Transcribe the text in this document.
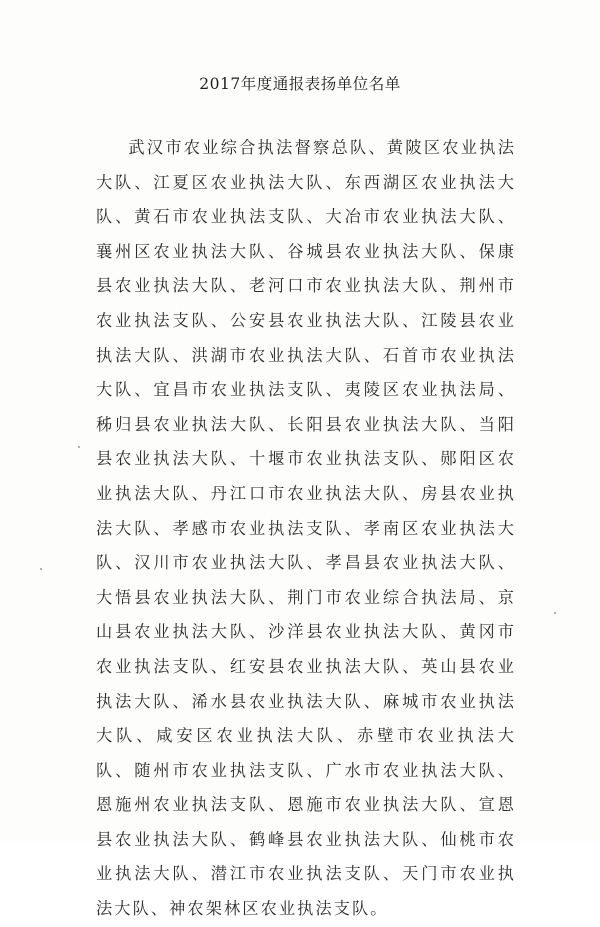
2017年度通报表扬单位名单
武汉市农业综合执法督察总队、黄陂区农业执法大队、江夏区农业执法大队、东西湖区农业执法大队、黄石市农业执法支队、大冶市农业执法大队、襄州区农业执法大队、谷城县农业执法大队、保康县农业执法大队、老河口市农业执法大队、荆州市农业执法支队、公安县农业执法大队、江陵县农业执法大队、洪湖市农业执法大队、石首市农业执法大队、宜昌市农业执法支队、夷陵区农业执法局、秭归县农业执法大队、长阳县农业执法大队、当阳县农业执法大队、十堰市农业执法支队、郧阳区农业执法大队、丹江口市农业执法大队、房县农业执法大队、孝感市农业执法支队、孝南区农业执法大队、汉川市农业执法大队、孝昌县农业执法大队、大悟县农业执法大队、荆门市农业综合执法局、京山县农业执法大队、沙洋县农业执法大队、黄冈市农业执法支队、红安县农业执法大队、英山县农业执法大队、浠水县农业执法大队、麻城市农业执法大队、咸安区农业执法大队、赤壁市农业执法大队、随州市农业执法支队、广水市农业执法大队、恩施州农业执法支队、恩施市农业执法大队、宣恩县农业执法大队、鹤峰县农业执法大队、仙桃市农业执法大队、潜江市农业执法支队、天门市农业执法大队、神农架林区农业执法支队。
